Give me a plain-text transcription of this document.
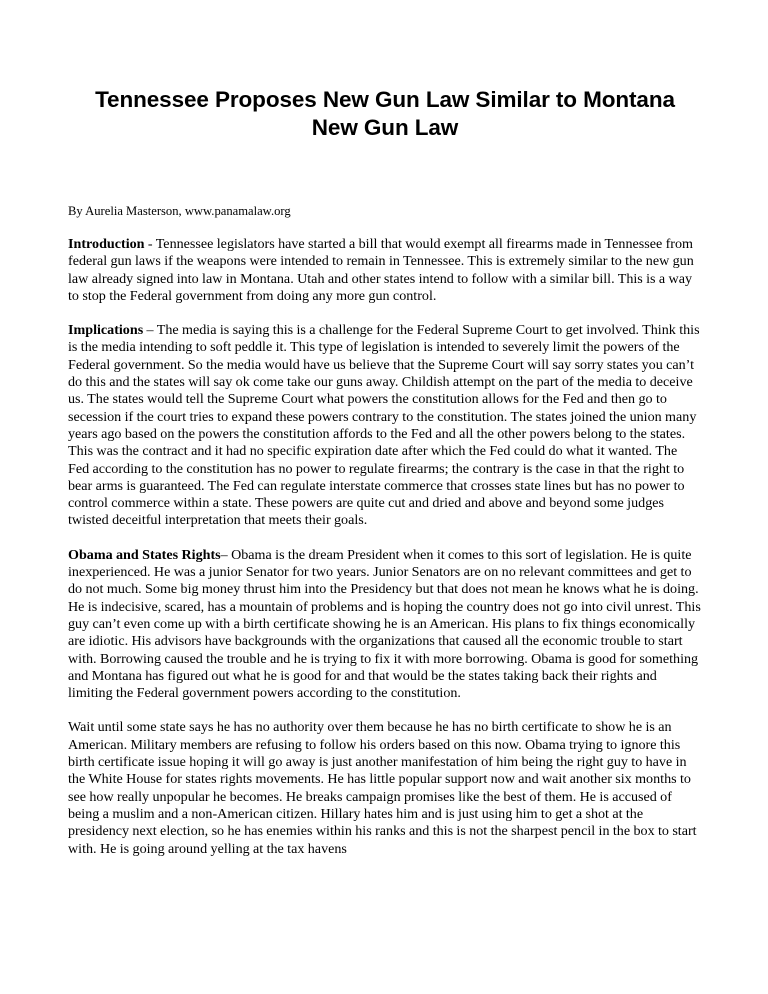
Tennessee Proposes New Gun Law Similar to Montana New Gun Law

By Aurelia Masterson, www.panamalaw.org

Introduction - Tennessee legislators have started a bill that would exempt all firearms made in Tennessee from federal gun laws if the weapons were intended to remain in Tennessee. This is extremely similar to the new gun law already signed into law in Montana. Utah and other states intend to follow with a similar bill. This is a way to stop the Federal government from doing any more gun control.

Implications – The media is saying this is a challenge for the Federal Supreme Court to get involved. Think this is the media intending to soft peddle it. This type of legislation is intended to severely limit the powers of the Federal government. So the media would have us believe that the Supreme Court will say sorry states you can’t do this and the states will say ok come take our guns away. Childish attempt on the part of the media to deceive us. The states would tell the Supreme Court what powers the constitution allows for the Fed and then go to secession if the court tries to expand these powers contrary to the constitution. The states joined the union many years ago based on the powers the constitution affords to the Fed and all the other powers belong to the states. This was the contract and it had no specific expiration date after which the Fed could do what it wanted. The Fed according to the constitution has no power to regulate firearms; the contrary is the case in that the right to bear arms is guaranteed. The Fed can regulate interstate commerce that crosses state lines but has no power to control commerce within a state. These powers are quite cut and dried and above and beyond some judges twisted deceitful interpretation that meets their goals.

Obama and States Rights– Obama is the dream President when it comes to this sort of legislation. He is quite inexperienced. He was a junior Senator for two years. Junior Senators are on no relevant committees and get to do not much. Some big money thrust him into the Presidency but that does not mean he knows what he is doing. He is indecisive, scared, has a mountain of problems and is hoping the country does not go into civil unrest. This guy can’t even come up with a birth certificate showing he is an American. His plans to fix things economically are idiotic. His advisors have backgrounds with the organizations that caused all the economic trouble to start with. Borrowing caused the trouble and he is trying to fix it with more borrowing. Obama is good for something and Montana has figured out what he is good for and that would be the states taking back their rights and limiting the Federal government powers according to the constitution.

Wait until some state says he has no authority over them because he has no birth certificate to show he is an American. Military members are refusing to follow his orders based on this now. Obama trying to ignore this birth certificate issue hoping it will go away is just another manifestation of him being the right guy to have in the White House for states rights movements. He has little popular support now and wait another six months to see how really unpopular he becomes. He breaks campaign promises like the best of them. He is accused of being a muslim and a non-American citizen. Hillary hates him and is just using him to get a shot at the presidency next election, so he has enemies within his ranks and this is not the sharpest pencil in the box to start with. He is going around yelling at the tax havens
